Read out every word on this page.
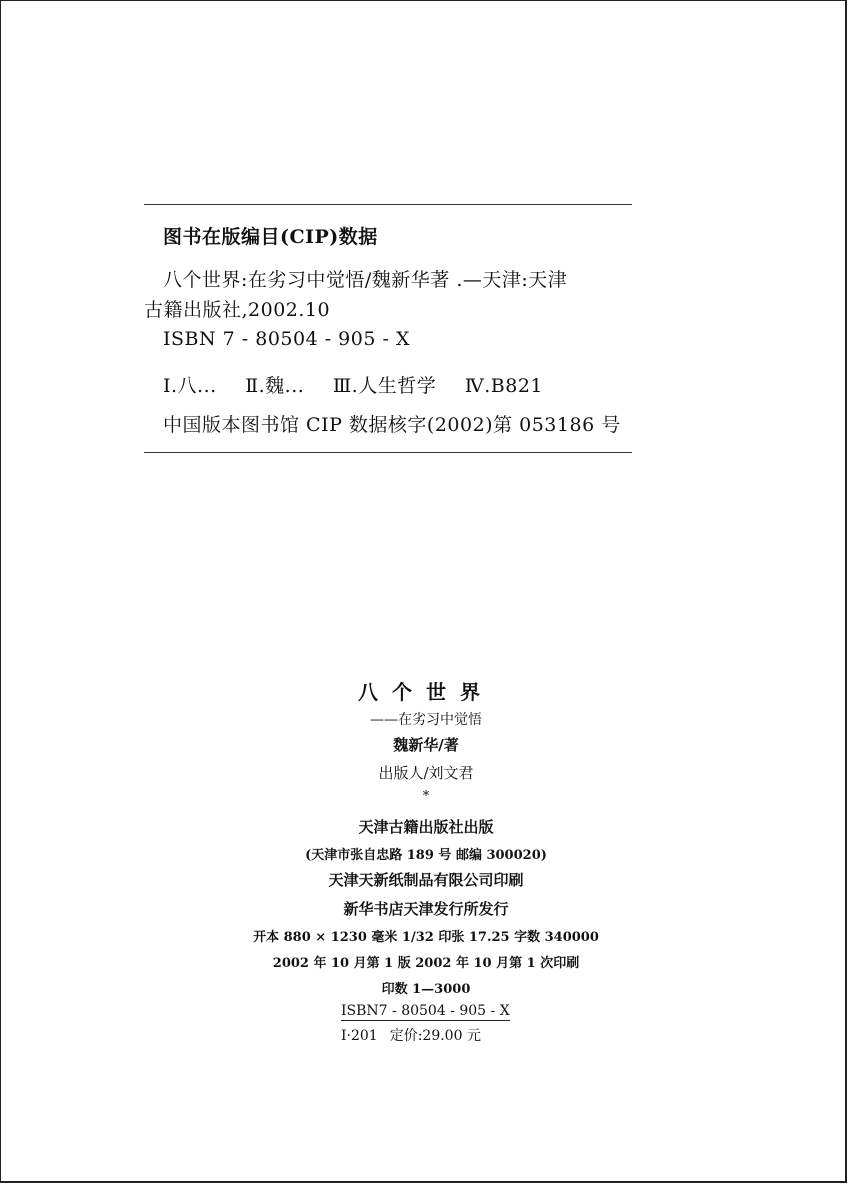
图书在版编目(CIP)数据
八个世界:在劣习中觉悟/魏新华著 .—天津:天津
古籍出版社,2002.10
ISBN 7 - 80504 - 905 - X
Ⅰ.八... Ⅱ.魏... Ⅲ.人生哲学 Ⅳ.B821
中国版本图书馆 CIP 数据核字(2002)第 053186 号
八个世界
——在劣习中觉悟
魏新华/著
出版人/刘文君
*
天津古籍出版社出版
(天津市张自忠路 189 号 邮编 300020)
天津天新纸制品有限公司印刷
新华书店天津发行所发行
开本 880 × 1230 毫米 1/32 印张 17.25 字数 340000
2002 年 10 月第 1 版 2002 年 10 月第 1 次印刷
印数 1—3000
ISBN7 - 80504 - 905 - X
I·201 定价:29.00 元
